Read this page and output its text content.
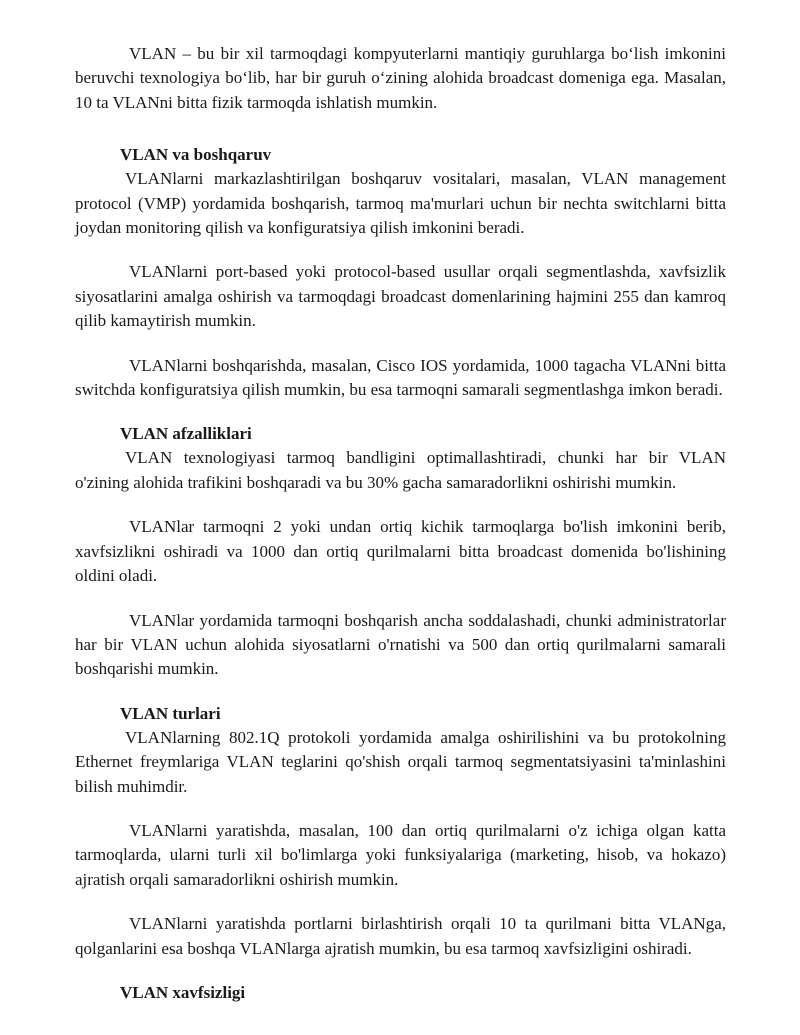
VLAN – bu bir xil tarmoqdagi kompyuterlarni mantiqiy guruhlarga boʻlish imkonini beruvchi texnologiya boʻlib, har bir guruh oʻzining alohida broadcast domeniga ega. Masalan, 10 ta VLANni bitta fizik tarmoqda ishlatish mumkin.

VLAN va boshqaruv

VLANlarni markazlashtirilgan boshqaruv vositalari, masalan, VLAN management protocol (VMP) yordamida boshqarish, tarmoq ma'murlari uchun bir nechta switchlarni bitta joydan monitoring qilish va konfiguratsiya qilish imkonini beradi.

VLANlarni port-based yoki protocol-based usullar orqali segmentlashda, xavfsizlik siyosatlarini amalga oshirish va tarmoqdagi broadcast domenlarining hajmini 255 dan kamroq qilib kamaytirish mumkin.

VLANlarni boshqarishda, masalan, Cisco IOS yordamida, 1000 tagacha VLANni bitta switchda konfiguratsiya qilish mumkin, bu esa tarmoqni samarali segmentlashga imkon beradi.

VLAN afzalliklari

VLAN texnologiyasi tarmoq bandligini optimallashtiradi, chunki har bir VLAN o'zining alohida trafikini boshqaradi va bu 30% gacha samaradorlikni oshirishi mumkin.

VLANlar tarmoqni 2 yoki undan ortiq kichik tarmoqlarga bo'lish imkonini berib, xavfsizlikni oshiradi va 1000 dan ortiq qurilmalarni bitta broadcast domenida bo'lishining oldini oladi.

VLANlar yordamida tarmoqni boshqarish ancha soddalashadi, chunki administratorlar har bir VLAN uchun alohida siyosatlarni o'rnatishi va 500 dan ortiq qurilmalarni samarali boshqarishi mumkin.

VLAN turlari

VLANlarning 802.1Q protokoli yordamida amalga oshirilishini va bu protokolning Ethernet freymlariga VLAN teglarini qo'shish orqali tarmoq segmentatsiyasini ta'minlashini bilish muhimdir.

VLANlarni yaratishda, masalan, 100 dan ortiq qurilmalarni o'z ichiga olgan katta tarmoqlarda, ularni turli xil bo'limlarga yoki funksiyalariga (marketing, hisob, va hokazo) ajratish orqali samaradorlikni oshirish mumkin.

VLANlarni yaratishda portlarni birlashtirish orqali 10 ta qurilmani bitta VLANga, qolganlarini esa boshqa VLANlarga ajratish mumkin, bu esa tarmoq xavfsizligini oshiradi.

VLAN xavfsizligi
